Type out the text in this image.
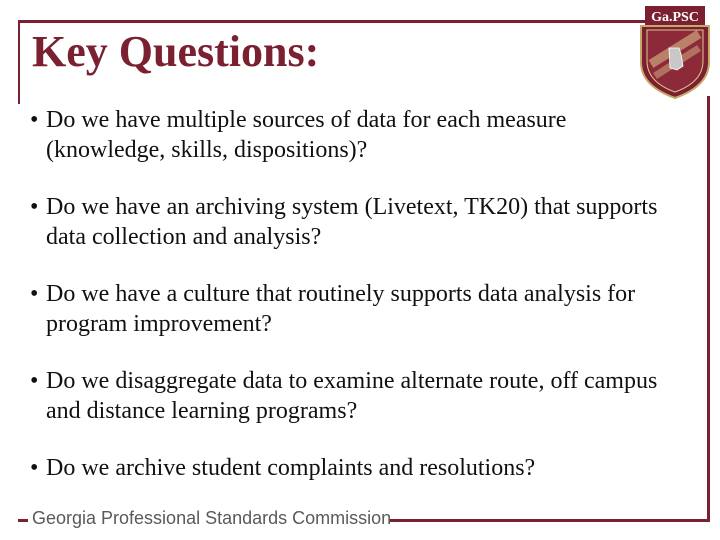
Key Questions:
Ga.PSC
• Do we have multiple sources of data for each measure (knowledge, skills, dispositions)?
• Do we have an archiving system (Livetext, TK20) that supports data collection and analysis?
• Do we have a culture that routinely supports data analysis for program improvement?
• Do we disaggregate data to examine alternate route, off campus and distance learning programs?
• Do we archive student complaints and resolutions?
Georgia Professional Standards Commission
